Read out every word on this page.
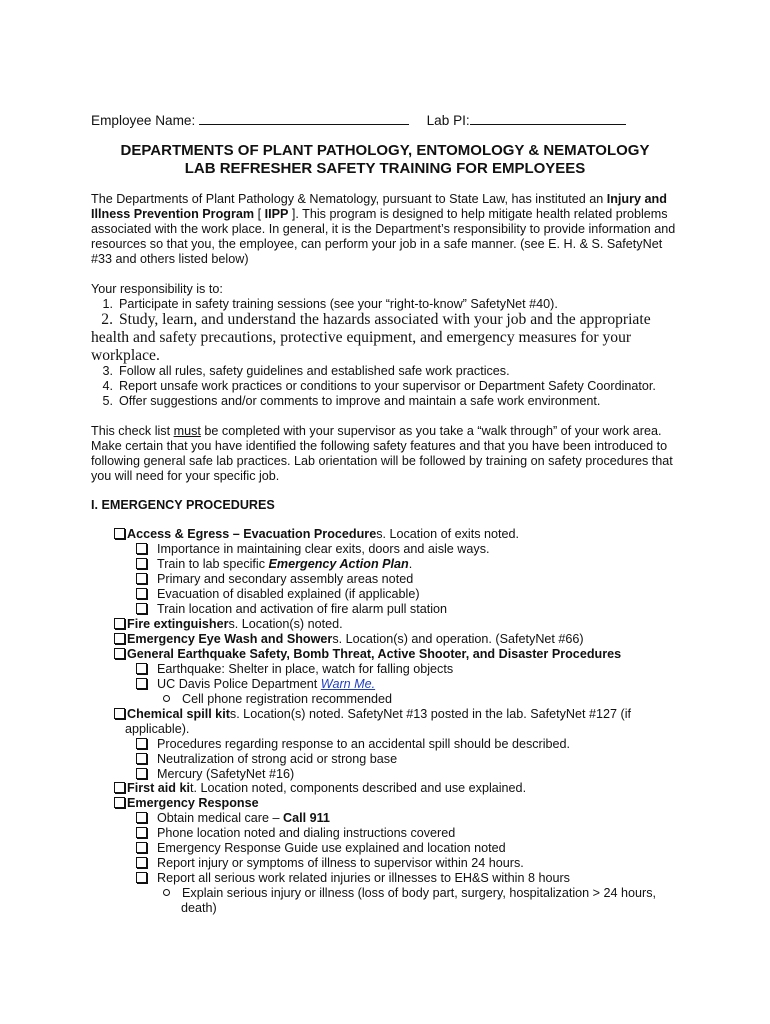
Employee Name:	Lab PI:
DEPARTMENTS OF PLANT PATHOLOGY, ENTOMOLOGY & NEMATOLOGY
LAB REFRESHER SAFETY TRAINING FOR EMPLOYEES
The Departments of Plant Pathology & Nematology, pursuant to State Law, has instituted an Injury and Illness Prevention Program [ IIPP ]. This program is designed to help mitigate health related problems associated with the work place. In general, it is the Department’s responsibility to provide information and resources so that you, the employee, can perform your job in a safe manner. (see E. H. & S. SafetyNet #33 and others listed below)
Your responsibility is to:
1. Participate in safety training sessions (see your “right-to-know” SafetyNet #40).
2. Study, learn, and understand the hazards associated with your job and the appropriate health and safety precautions, protective equipment, and emergency measures for your workplace.
3. Follow all rules, safety guidelines and established safe work practices.
4. Report unsafe work practices or conditions to your supervisor or Department Safety Coordinator.
5. Offer suggestions and/or comments to improve and maintain a safe work environment.
This check list must be completed with your supervisor as you take a “walk through” of your work area. Make certain that you have identified the following safety features and that you have been introduced to following general safe lab practices. Lab orientation will be followed by training on safety procedures that you will need for your specific job.
I. EMERGENCY PROCEDURES
Access & Egress – Evacuation Procedures. Location of exits noted.
Importance in maintaining clear exits, doors and aisle ways.
Train to lab specific Emergency Action Plan.
Primary and secondary assembly areas noted
Evacuation of disabled explained (if applicable)
Train location and activation of fire alarm pull station
Fire extinguishers. Location(s) noted.
Emergency Eye Wash and Showers. Location(s) and operation. (SafetyNet #66)
General Earthquake Safety, Bomb Threat, Active Shooter, and Disaster Procedures
Earthquake: Shelter in place, watch for falling objects
UC Davis Police Department Warn Me.
Cell phone registration recommended
Chemical spill kits. Location(s) noted. SafetyNet #13 posted in the lab. SafetyNet #127 (if
applicable).
Procedures regarding response to an accidental spill should be described.
Neutralization of strong acid or strong base
Mercury (SafetyNet #16)
First aid kit. Location noted, components described and use explained.
Emergency Response
Obtain medical care – Call 911
Phone location noted and dialing instructions covered
Emergency Response Guide use explained and location noted
Report injury or symptoms of illness to supervisor within 24 hours.
Report all serious work related injuries or illnesses to EH&S within 8 hours
Explain serious injury or illness (loss of body part, surgery, hospitalization > 24 hours,
death)
